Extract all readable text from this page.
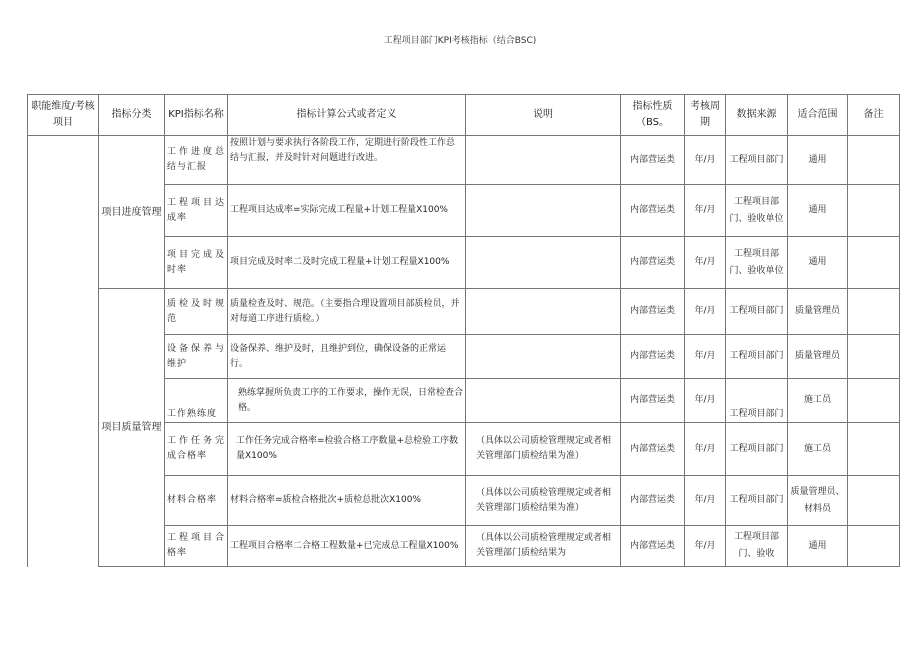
工程项目部门KPI考核指标（结合BSC)
职能维度/考核项目	指标分类	KPI指标名称	指标计算公式或者定义	说明	指标性质（BS。	考核周期	数据来源	适合范围	备注
	项目进度管理	工作进度总结与汇报	按照计划与要求执行各阶段工作，定期进行阶段性工作总结与汇报，并及时针对问题进行改进。		内部营运类	年/月	工程项目部门	通用	
		工程项目达成率	工程项目达成率=实际完成工程量+计划工程量X100%		内部营运类	年/月	工程项目部门、验收单位	通用	
		项目完成及时率	项目完成及时率二及时完成工程量+计划工程量X100%		内部营运类	年/月	工程项目部门、验收单位	通用	
	项目质量管理	质检及时规范	质量检查及时、规范。（主要指合理设置项目部质检员，并对每道工序进行质检。）		内部营运类	年/月	工程项目部门	质量管理员	
		设备保养与维护	设备保养、维护及时，且维护到位，确保设备的正常运行。		内部营运类	年/月	工程项目部门	质量管理员	
		工作熟练度	熟练掌握所负责工序的工作要求，操作无误，日常检查合格。		内部营运类	年/月	工程项目部门	施工员	
		工作任务完成合格率	工作任务完成合格率=检验合格工序数量+总检验工序数量X100%	（具体以公司质检管理规定或者相关管理部门质检结果为准）	内部营运类	年/月	工程项目部门	施工员	
		材料合格率	材料合格率=质检合格批次+质检总批次X100%	（具体以公司质检管理规定或者相关管理部门质检结果为准）	内部营运类	年/月	工程项目部门	质量管理员、材料员	
		工程项目合格率	工程项目合格率二合格工程数量+已完成总工程量X100%	（具体以公司质检管理规定或者相关管理部门质检结果为	内部营运类	年/月	工程项目部门、验收	通用	
